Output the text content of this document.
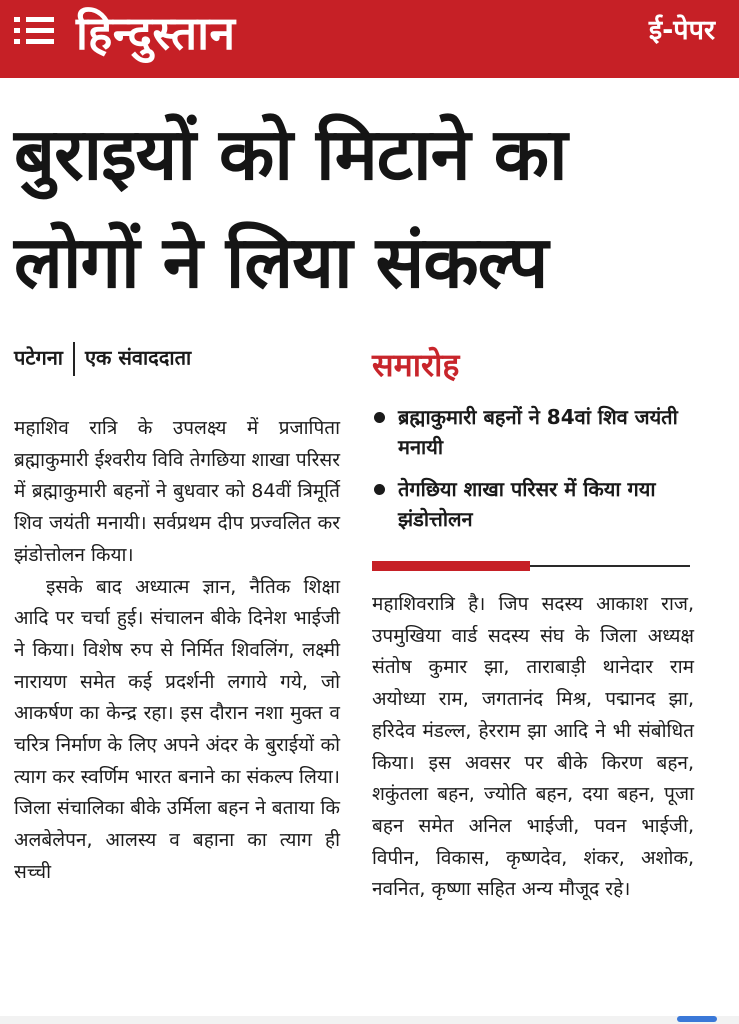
हिन्दुस्तान	ई-पेपर
बुराइयों को मिटाने का
लोगों ने लिया संकल्प
पटेगना एक संवाददाता

महाशिव रात्रि के उपलक्ष्य में प्रजापिता ब्रह्माकुमारी ईश्वरीय विवि तेगछिया शाखा परिसर में ब्रह्माकुमारी बहनों ने बुधवार को 84वीं त्रिमूर्ति शिव जयंती मनायी। सर्वप्रथम दीप प्रज्वलित कर झंडोत्तोलन किया।

इसके बाद अध्यात्म ज्ञान, नैतिक शिक्षा आदि पर चर्चा हुई। संचालन बीके दिनेश भाईजी ने किया। विशेष रुप से निर्मित शिवलिंग, लक्ष्मी नारायण समेत कई प्रदर्शनी लगाये गये, जो आकर्षण का केन्द्र रहा। इस दौरान नशा मुक्त व चरित्र निर्माण के लिए अपने अंदर के बुराईयों को त्याग कर स्वर्णिम भारत बनाने का संकल्प लिया। जिला संचालिका बीके उर्मिला बहन ने बताया कि अलबेलेपन, आलस्य व बहाना का त्याग ही सच्ची

समारोह
ब्रह्माकुमारी बहनों ने 84वां शिव जयंती मनायी
तेगछिया शाखा परिसर में किया गया झंडोत्तोलन

महाशिवरात्रि है। जिप सदस्य आकाश राज, उपमुखिया वार्ड सदस्य संघ के जिला अध्यक्ष संतोष कुमार झा, ताराबाड़ी थानेदार राम अयोध्या राम, जगतानंद मिश्र, पद्मानद झा, हरिदेव मंडल्ल, हेरराम झा आदि ने भी संबोधित किया। इस अवसर पर बीके किरण बहन, शकुंतला बहन, ज्योति बहन, दया बहन, पूजा बहन समेत अनिल भाईजी, पवन भाईजी, विपीन, विकास, कृष्णदेव, शंकर, अशोक, नवनित, कृष्णा सहित अन्य मौजूद रहे।
